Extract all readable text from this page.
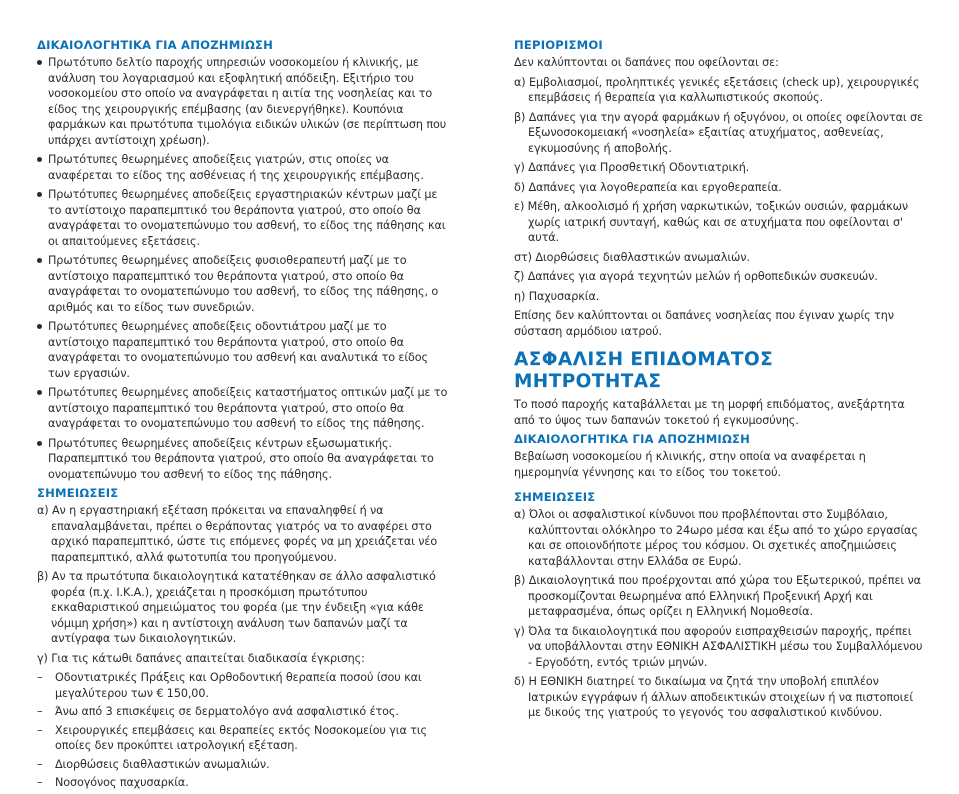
ΔΙΚΑΙΟΛΟΓΗΤΙΚΑ ΓΙΑ ΑΠΟΖΗΜΙΩΣΗ
Πρωτότυπο δελτίο παροχής υπηρεσιών νοσοκομείου ή κλινικής, με ανάλυση του λογαριασμού και εξοφλητική απόδειξη. Εξιτήριο του νοσοκομείου στο οποίο να αναγράφεται η αιτία της νοσηλείας και το είδος της χειρουργικής επέμβασης (αν διενεργήθηκε). Κουπόνια φαρμάκων και πρωτότυπα τιμολόγια ειδικών υλικών (σε περίπτωση που υπάρχει αντίστοιχη χρέωση).
Πρωτότυπες θεωρημένες αποδείξεις γιατρών, στις οποίες να αναφέρεται το είδος της ασθένειας ή της χειρουργικής επέμβασης.
Πρωτότυπες θεωρημένες αποδείξεις εργαστηριακών κέντρων μαζί με το αντίστοιχο παραπεμπτικό του θεράποντα γιατρού, στο οποίο θα αναγράφεται το ονοματεπώνυμο του ασθενή, το είδος της πάθησης και οι απαιτούμενες εξετάσεις.
Πρωτότυπες θεωρημένες αποδείξεις φυσιοθεραπευτή μαζί με το αντίστοιχο παραπεμπτικό του θεράποντα γιατρού, στο οποίο θα αναγράφεται το ονοματεπώνυμο του ασθενή, το είδος της πάθησης, ο αριθμός και το είδος των συνεδριών.
Πρωτότυπες θεωρημένες αποδείξεις οδοντιάτρου μαζί με το αντίστοιχο παραπεμπτικό του θεράποντα γιατρού, στο οποίο θα αναγράφεται το ονοματεπώνυμο του ασθενή και αναλυτικά το είδος των εργασιών.
Πρωτότυπες θεωρημένες αποδείξεις καταστήματος οπτικών μαζί με το αντίστοιχο παραπεμπτικό του θεράποντα γιατρού, στο οποίο θα αναγράφεται το ονοματεπώνυμο του ασθενή το είδος της πάθησης.
Πρωτότυπες θεωρημένες αποδείξεις κέντρων εξωσωματικής. Παραπεμπτικό του θεράποντα γιατρού, στο οποίο θα αναγράφεται το ονοματεπώνυμο του ασθενή το είδος της πάθησης.
ΣΗΜΕΙΩΣΕΙΣ
α) Αν η εργαστηριακή εξέταση πρόκειται να επαναληφθεί ή να επαναλαμβάνεται, πρέπει ο θεράποντας γιατρός να το αναφέρει στο αρχικό παραπεμπτικό, ώστε τις επόμενες φορές να μη χρειάζεται νέο παραπεμπτικό, αλλά φωτοτυπία του προηγούμενου.
β) Αν τα πρωτότυπα δικαιολογητικά κατατέθηκαν σε άλλο ασφαλιστικό φορέα (π.χ. Ι.Κ.Α.), χρειάζεται η προσκόμιση πρωτότυπου εκκαθαριστικού σημειώματος του φορέα (με την ένδειξη «για κάθε νόμιμη χρήση») και η αντίστοιχη ανάλυση των δαπανών μαζί τα αντίγραφα των δικαιολογητικών.
γ) Για τις κάτωθι δαπάνες απαιτείται διαδικασία έγκρισης:
– Οδοντιατρικές Πράξεις και Ορθοδοντική θεραπεία ποσού ίσου και μεγαλύτερου των € 150,00.
– Άνω από 3 επισκέψεις σε δερματολόγο ανά ασφαλιστικό έτος.
– Χειρουργικές επεμβάσεις και θεραπείες εκτός Νοσοκομείου για τις οποίες δεν προκύπτει ιατρολογική εξέταση.
– Διορθώσεις διαθλαστικών ανωμαλιών.
– Νοσογόνος παχυσαρκία.
ΠΕΡΙΟΡΙΣΜΟΙ

Δεν καλύπτονται οι δαπάνες που οφείλονται σε:

α) Εμβολιασμοί, προληπτικές γενικές εξετάσεις (check up), χειρουργικές επεμβάσεις ή θεραπεία για καλλωπιστικούς σκοπούς.
β) Δαπάνες για την αγορά φαρμάκων ή οξυγόνου, οι οποίες οφείλονται σε Εξωνοσοκομειακή «νοσηλεία» εξαιτίας ατυχήματος, ασθενείας, εγκυμοσύνης ή αποβολής.
γ) Δαπάνες για Προσθετική Οδοντιατρική.
δ) Δαπάνες για λογοθεραπεία και εργοθεραπεία.
ε) Μέθη, αλκοολισμό ή χρήση ναρκωτικών, τοξικών ουσιών, φαρμάκων χωρίς ιατρική συνταγή, καθώς και σε ατυχήματα που οφείλονται σ' αυτά.
στ) Διορθώσεις διαθλαστικών ανωμαλιών.
ζ) Δαπάνες για αγορά τεχνητών μελών ή ορθοπεδικών συσκευών.
η) Παχυσαρκία.

Επίσης δεν καλύπτονται οι δαπάνες νοσηλείας που έγιναν χωρίς την σύσταση αρμόδιου ιατρού.

ΑΣΦΑΛΙΣΗ ΕΠΙΔΟΜΑΤΟΣ ΜΗΤΡΟΤΗΤΑΣ

Το ποσό παροχής καταβάλλεται με τη μορφή επιδόματος, ανεξάρτητα από το ύψος των δαπανών τοκετού ή εγκυμοσύνης.

ΔΙΚΑΙΟΛΟΓΗΤΙΚΑ ΓΙΑ ΑΠΟΖΗΜΙΩΣΗ

Βεβαίωση νοσοκομείου ή κλινικής, στην οποία να αναφέρεται η ημερομηνία γέννησης και το είδος του τοκετού.

ΣΗΜΕΙΩΣΕΙΣ
α) Όλοι οι ασφαλιστικοί κίνδυνοι που προβλέπονται στο Συμβόλαιο, καλύπτονται ολόκληρο το 24ωρο μέσα και έξω από το χώρο εργασίας και σε οποιονδήποτε μέρος του κόσμου. Οι σχετικές αποζημιώσεις καταβάλλονται στην Ελλάδα σε Ευρώ.
β) Δικαιολογητικά που προέρχονται από χώρα του Εξωτερικού, πρέπει να προσκομίζονται θεωρημένα από Ελληνική Προξενική Αρχή και μεταφρασμένα, όπως ορίζει η Ελληνική Νομοθεσία.
γ) Όλα τα δικαιολογητικά που αφορούν εισπραχθεισών παροχής, πρέπει να υποβάλλονται στην ΕΘΝΙΚΗ ΑΣΦΑΛΙΣΤΙΚΗ μέσω του Συμβαλλόμενου - Εργοδότη, εντός τριών μηνών.
δ) Η ΕΘΝΙΚΗ διατηρεί το δικαίωμα να ζητά την υποβολή επιπλέον Ιατρικών εγγράφων ή άλλων αποδεικτικών στοιχείων ή να πιστοποιεί με δικούς της γιατρούς το γεγονός του ασφαλιστικού κινδύνου.
